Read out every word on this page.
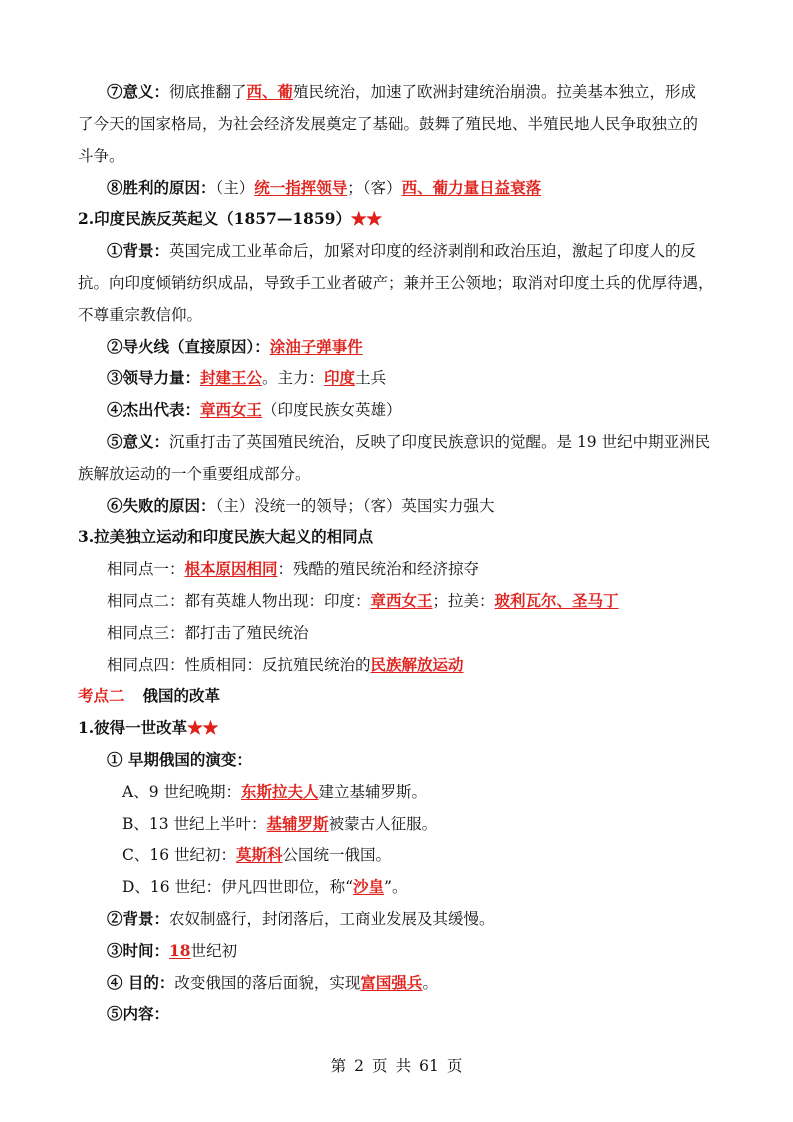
⑦意义：彻底推翻了西、葡殖民统治，加速了欧洲封建统治崩溃。拉美基本独立，形成
了今天的国家格局，为社会经济发展奠定了基础。鼓舞了殖民地、半殖民地人民争取独立的
斗争。
⑧胜利的原因：（主）统一指挥领导；（客）西、葡力量日益衰落
2.印度民族反英起义（1857—1859）★★
①背景：英国完成工业革命后，加紧对印度的经济剥削和政治压迫，激起了印度人的反
抗。向印度倾销纺织成品，导致手工业者破产；兼并王公领地；取消对印度土兵的优厚待遇，
不尊重宗教信仰。
②导火线（直接原因）：涂油子弹事件
③领导力量：封建王公。主力：印度土兵
④杰出代表：章西女王（印度民族女英雄）
⑤意义：沉重打击了英国殖民统治，反映了印度民族意识的觉醒。是 19 世纪中期亚洲民
族解放运动的一个重要组成部分。
⑥失败的原因：（主）没统一的领导；（客）英国实力强大
3.拉美独立运动和印度民族大起义的相同点
相同点一：根本原因相同：残酷的殖民统治和经济掠夺
相同点二：都有英雄人物出现：印度：章西女王；拉美：玻利瓦尔、圣马丁
相同点三：都打击了殖民统治
相同点四：性质相同：反抗殖民统治的民族解放运动
考点二 俄国的改革
1.彼得一世改革★★
① 早期俄国的演变：
A、9 世纪晚期：东斯拉夫人建立基辅罗斯。
B、13 世纪上半叶：基辅罗斯被蒙古人征服。
C、16 世纪初：莫斯科公国统一俄国。
D、16 世纪：伊凡四世即位，称“沙皇”。
②背景：农奴制盛行，封闭落后，工商业发展及其缓慢。
③时间：18世纪初
④ 目的：改变俄国的落后面貌，实现富国强兵。
⑤内容：
第 2 页 共 61 页
